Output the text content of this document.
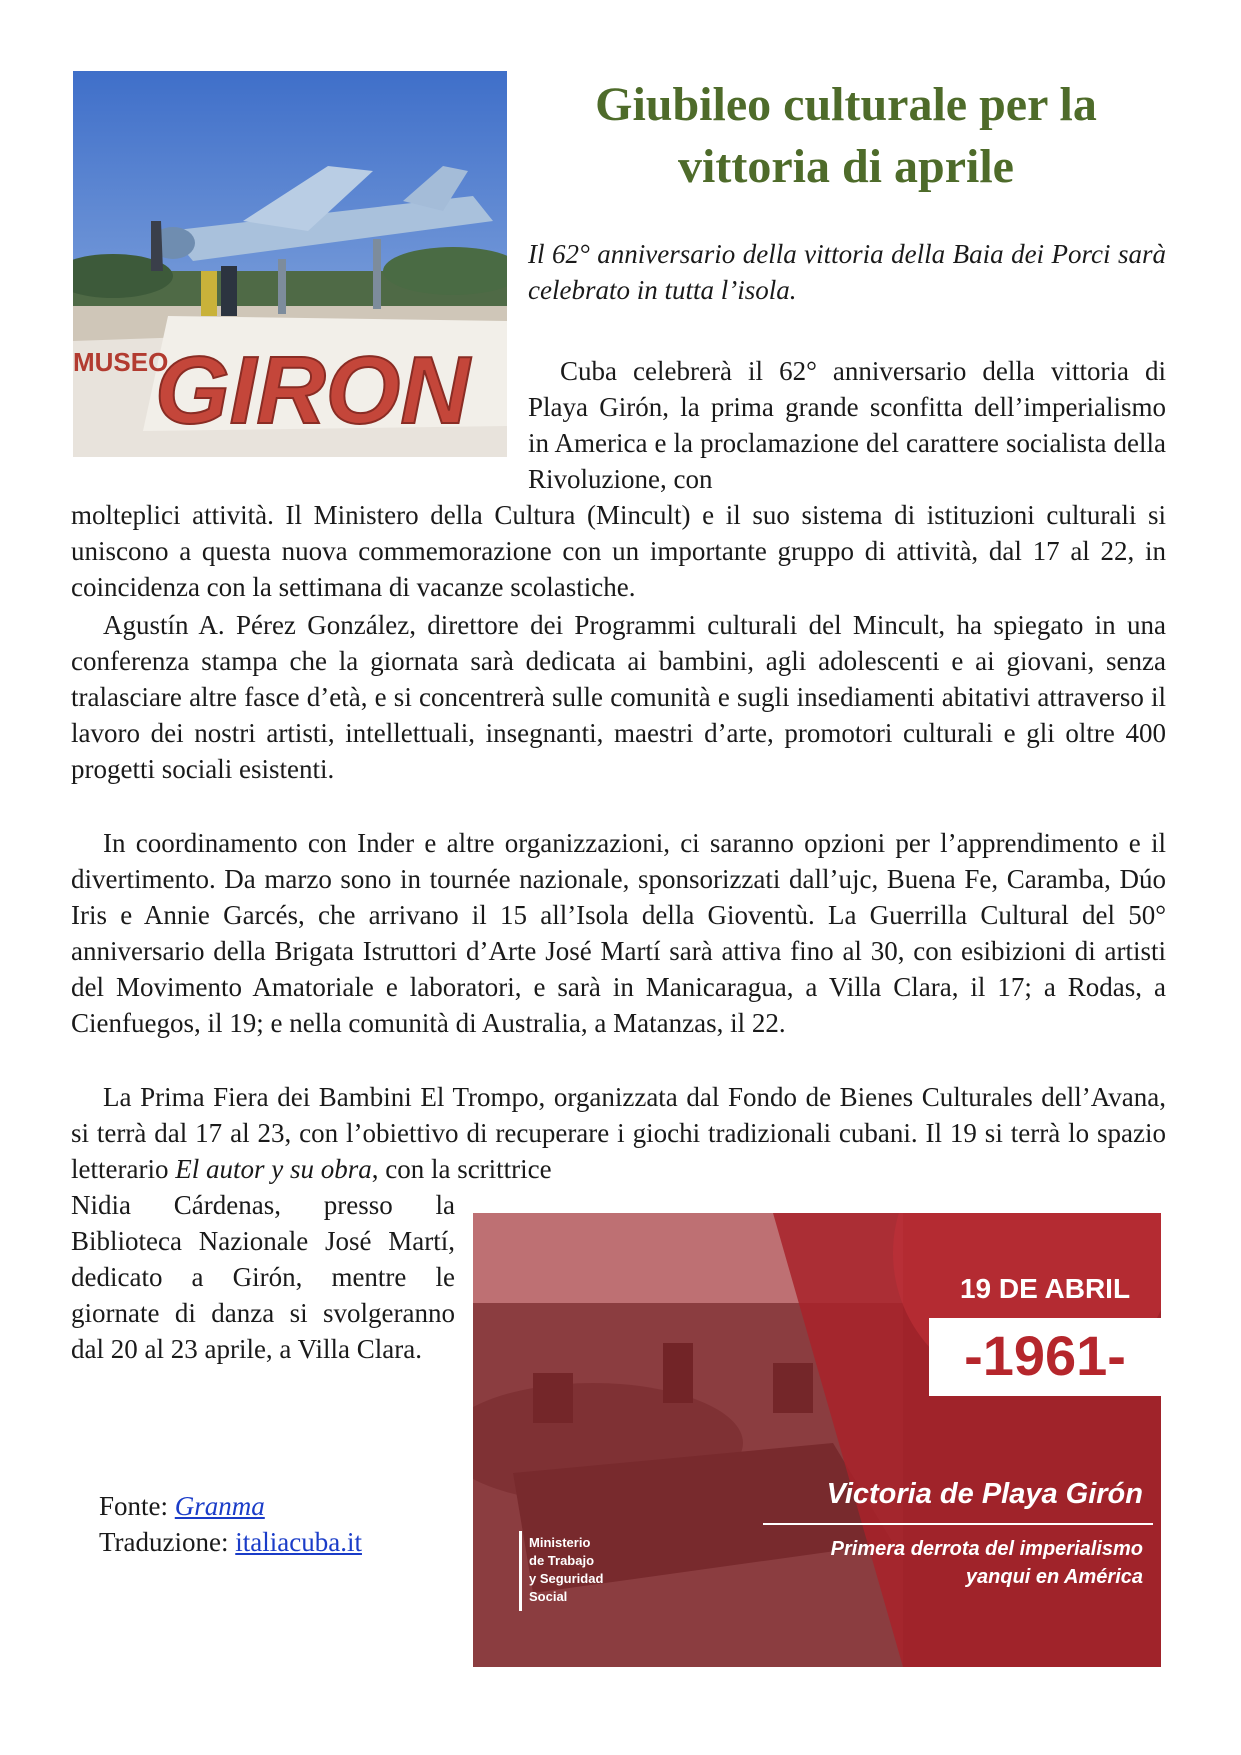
MUSEO
GIRON
Giubileo culturale per la vittoria di aprile

Il 62° anniversario della vittoria della Baia dei Porci sarà celebrato in tutta l’isola.

Cuba celebrerà il 62° anniversario della vittoria di Playa Girón, la prima grande sconfitta dell’imperialismo in America e la proclamazione del carattere socialista della Rivoluzione, con

molteplici attività. Il Ministero della Cultura (Mincult) e il suo sistema di istituzioni culturali si uniscono a questa nuova commemorazione con un importante gruppo di attività, dal 17 al 22, in coincidenza con la settimana di vacanze scolastiche.

Agustín A. Pérez González, direttore dei Programmi culturali del Mincult, ha spiegato in una conferenza stampa che la giornata sarà dedicata ai bambini, agli adolescenti e ai giovani, senza tralasciare altre fasce d’età, e si concentrerà sulle comunità e sugli insediamenti abitativi attraverso il lavoro dei nostri artisti, intellettuali, insegnanti, maestri d’arte, promotori culturali e gli oltre 400 progetti sociali esistenti.

In coordinamento con Inder e altre organizzazioni, ci saranno opzioni per l’apprendimento e il divertimento. Da marzo sono in tournée nazionale, sponsorizzati dall’ujc, Buena Fe, Caramba, Dúo Iris e Annie Garcés, che arrivano il 15 all’Isola della Gioventù. La Guerrilla Cultural del 50° anniversario della Brigata Istruttori d’Arte José Martí sarà attiva fino al 30, con esibizioni di artisti del Movimento Amatoriale e laboratori, e sarà in Manicaragua, a Villa Clara, il 17; a Rodas, a Cienfuegos, il 19; e nella comunità di Australia, a Matanzas, il 22.

La Prima Fiera dei Bambini El Trompo, organizzata dal Fondo de Bienes Culturales dell’Avana, si terrà dal 17 al 23, con l’obiettivo di recuperare i giochi tradizionali cubani. Il 19 si terrà lo spazio letterario El autor y su obra, con la scrittrice

Nidia Cárdenas, presso la Biblioteca Nazionale José Martí, dedicato a Girón, mentre le giornate di danza si svolgeranno dal 20 al 23 aprile, a Villa Clara.

Fonte: Granma
Traduzione: italiacuba.it
19 DE ABRIL
-1961-
Victoria de Playa Girón
Primera derrota del imperialismo
yanqui en América
Ministerio
de Trabajo
y Seguridad
Social
